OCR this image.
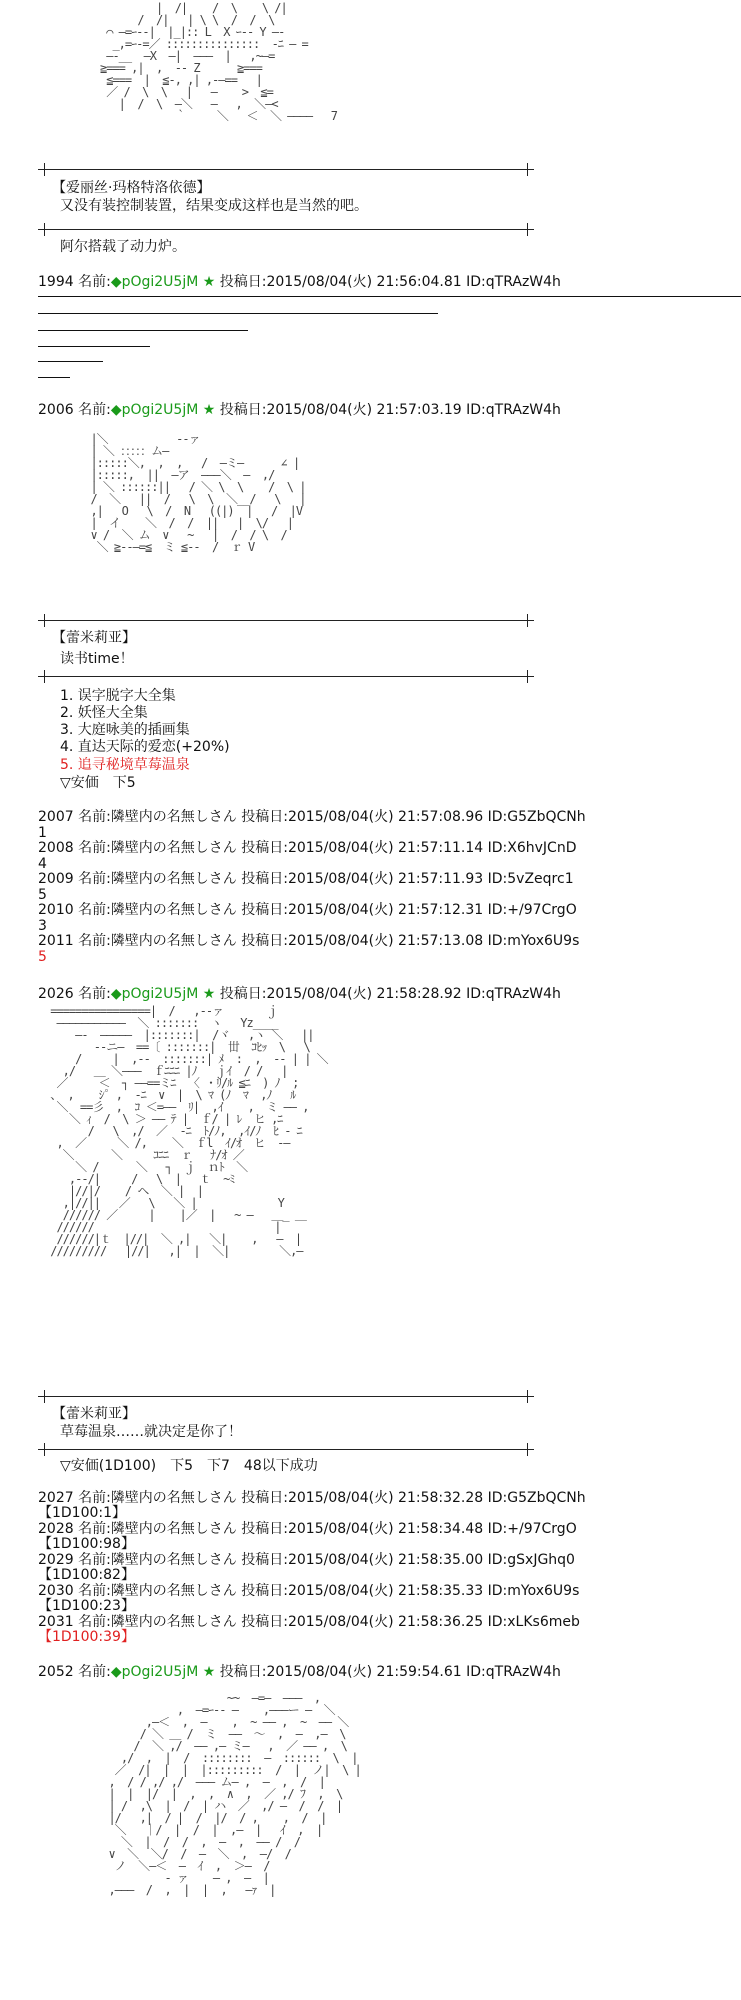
|  /|    /  \    \ /|
/  /|   | \ \  /  /  \
⌒ ―=ｰ--|  |_|:: L  X ｰ-- Y ―-
_,=ｰ-=／ :::::::::::::::  ‐ﾆ ― =
―-__  ―X  ―|  ―――  |   ,~―=
≧=== ,|  ,  ‐- Z      ≧===
≦===  |  ≦-, ,| ,-―==   |
／ /  \  \   |   ―    >  ≦=
|  /  \  ―＼   ―   ,  ＼―<
｀     ＼   ＜  ＼ ――――   7
【爱丽丝·玛格特洛依德】
又没有装控制装置，结果变成这样也是当然的吧。
阿尔搭载了动力炉。
1994 名前:◆pOgi2U5jM ★ 投稿日:2015/08/04(火) 21:56:04.81 ID:qTRAzW4h
2006 名前:◆pOgi2U5jM ★ 投稿日:2015/08/04(火) 21:57:03.19 ID:qTRAzW4h
|＼           ‐-ァ
| ＼ ：：：：：ム―
|:::::＼,  ,  ,   /  ―ミ―      ∠ |
|:::::,  ||  ―ア  ―――＼  ―  ,/
| ＼ ::::::||   / ＼ \  \    /  \ |
/  ＼   ||  /   \  \  ＼__/   \   |
,|   O   \  /  N   ((|)  |   /  |V
|  イ    ＼  /  /  ||   |  \/   |
∨ /  ＼ ム  ∨   ~   |  /  / \  /
＼ ≧--―=≦  ミ ≦--  /  ｒ V
【蕾米莉亚】
读书time！
1. 误字脱字大全集
2. 妖怪大全集
3. 大庭咏美的插画集
4. 直达天际的爱恋(+20%)
5. 追寻秘境草莓温泉
▽安価　下5
2007 名前:隣壁内の名無しさん 投稿日:2015/08/04(火) 21:57:08.96 ID:G5ZbQCNh
1
2008 名前:隣壁内の名無しさん 投稿日:2015/08/04(火) 21:57:11.14 ID:X6hvJCnD
4
2009 名前:隣壁内の名無しさん 投稿日:2015/08/04(火) 21:57:11.93 ID:5vZeqrc1
5
2010 名前:隣壁内の名無しさん 投稿日:2015/08/04(火) 21:57:12.31 ID:+/97CrgO
3
2011 名前:隣壁内の名無しさん 投稿日:2015/08/04(火) 21:57:13.08 ID:mYox6U9s
5
2026 名前:◆pOgi2U5jM ★ 投稿日:2015/08/04(火) 21:58:28.92 ID:qTRAzW4h
================|  /   ,--ァ       ｊ
―――――――――――  ＼ :::::::  ヽ   Yz____
―-  ―――――  |:::::::|  /ヾ   ,ヽ ＼   ||
‐-ニ―  ==〔 :::::::|  丗  ｺﾋｯ  \   \
/     |  ,--  :::::::| ﾒ  :  ,  ‐‐ | | ＼
,/   ＿ ＼―――  ｆﾆﾆﾆ |ﾉ   ｊｲ  / /   |
／     ＜  ┐ ――==ミﾆ  〈 ・ﾘ/ﾙ ≦ﾆ  ) ﾉ  ;
、 ,    ｼﾟ ,  ‐ﾆ  ∨  |  \ ﾏ (ﾉ  ﾏ  ,ﾉ   ﾙ
＼  ==彡  ,  ｺ ＜=――  ﾘ|  ,ｲ    ,  ミ ―― ,
＼ ｨ  /  \ ＞ ―― ﾃ |  ｆ/ | ﾚ  ヒ ,ﾆ
/   \  ,/  ／  ‐ﾆ  ﾄ/ﾉ,  ,ｲ/ﾉ  ﾋ ‐ ﾆ
,  ／     ＼ /,    ＼  ｆl  ｲ/ｵ  ヒ  ‐―
＼      ＼     ｺﾆﾆ  ｒ   ﾅ/ｵ ／
＼ /      ＼   ┐  ｊ  ｎﾄ  ＼
,--/|     /   \  |   ｔ  ~ﾐ
|//|/    / ヘ  ＼ |  |
,|//||   ／   \   ＼ |             Y
////// ／     |    |／  |   ~ ―   ＿_ ＿
//////                             |
//////|ｔ  |//|  ＼ ,|   ＼|    ,   ―  |
/////////   |//|   ,|  |  ＼|        ＼,―
【蕾米莉亚】
草莓温泉……就决定是你了！
▽安価(1D100)　下5　下7　48以下成功
2027 名前:隣壁内の名無しさん 投稿日:2015/08/04(火) 21:58:32.28 ID:G5ZbQCNh
【1D100:1】
2028 名前:隣壁内の名無しさん 投稿日:2015/08/04(火) 21:58:34.48 ID:+/97CrgO
【1D100:98】
2029 名前:隣壁内の名無しさん 投稿日:2015/08/04(火) 21:58:35.00 ID:gSxJGhq0
【1D100:82】
2030 名前:隣壁内の名無しさん 投稿日:2015/08/04(火) 21:58:35.33 ID:mYox6U9s
【1D100:23】
2031 名前:隣壁内の名無しさん 投稿日:2015/08/04(火) 21:58:36.25 ID:xLKs6meb
【1D100:39】
2052 名前:◆pOgi2U5jM ★ 投稿日:2015/08/04(火) 21:59:54.61 ID:qTRAzW4h
~~  ―=―  ―――  ,
,  ―=ｰ‐- ―    ,―――ー ―  ＼
,―＜  ,  ―    ,  ~ ―― ,  ~  ―― ＼
/ ＼ ＿ /  ミ  ――  ～  ,  ―  ,―  \
/  ＼ ,/  ―― ,― ミ―   ,  ／ ―― ,  \
,/  ,  |  /  ::::::::  ―  ::::::  \  |
／  /|  |  |  |:::::::::  /  |  ノ|  \ |
,  / / ,/ ,/  ――― ム― ,  ―  ,  /  |
|  |  |/  |  ,  ,  ∧  ,  ／ ,/ ﾌ  ,  \
| /  ,\  |  /  | ハ  ／  ,/ ―  /  /  |
|/   ,|  / |  /  |/  / ,    ,  /  |
＼   ｜/  |  /  |  ,―  |   ｲ  ,  |
＼  |  /  /  ,  ―  ,  ―― /  /
∨  ＼  ＼/  /  ―  ＼  ,  ―/  /
ノ  ＼―＜  ―  ｲ  ,  ＞―  /
‐ ァ    ― ,  ―  |
,―――  /  ,  |  |  ,   ―ｧ  |
